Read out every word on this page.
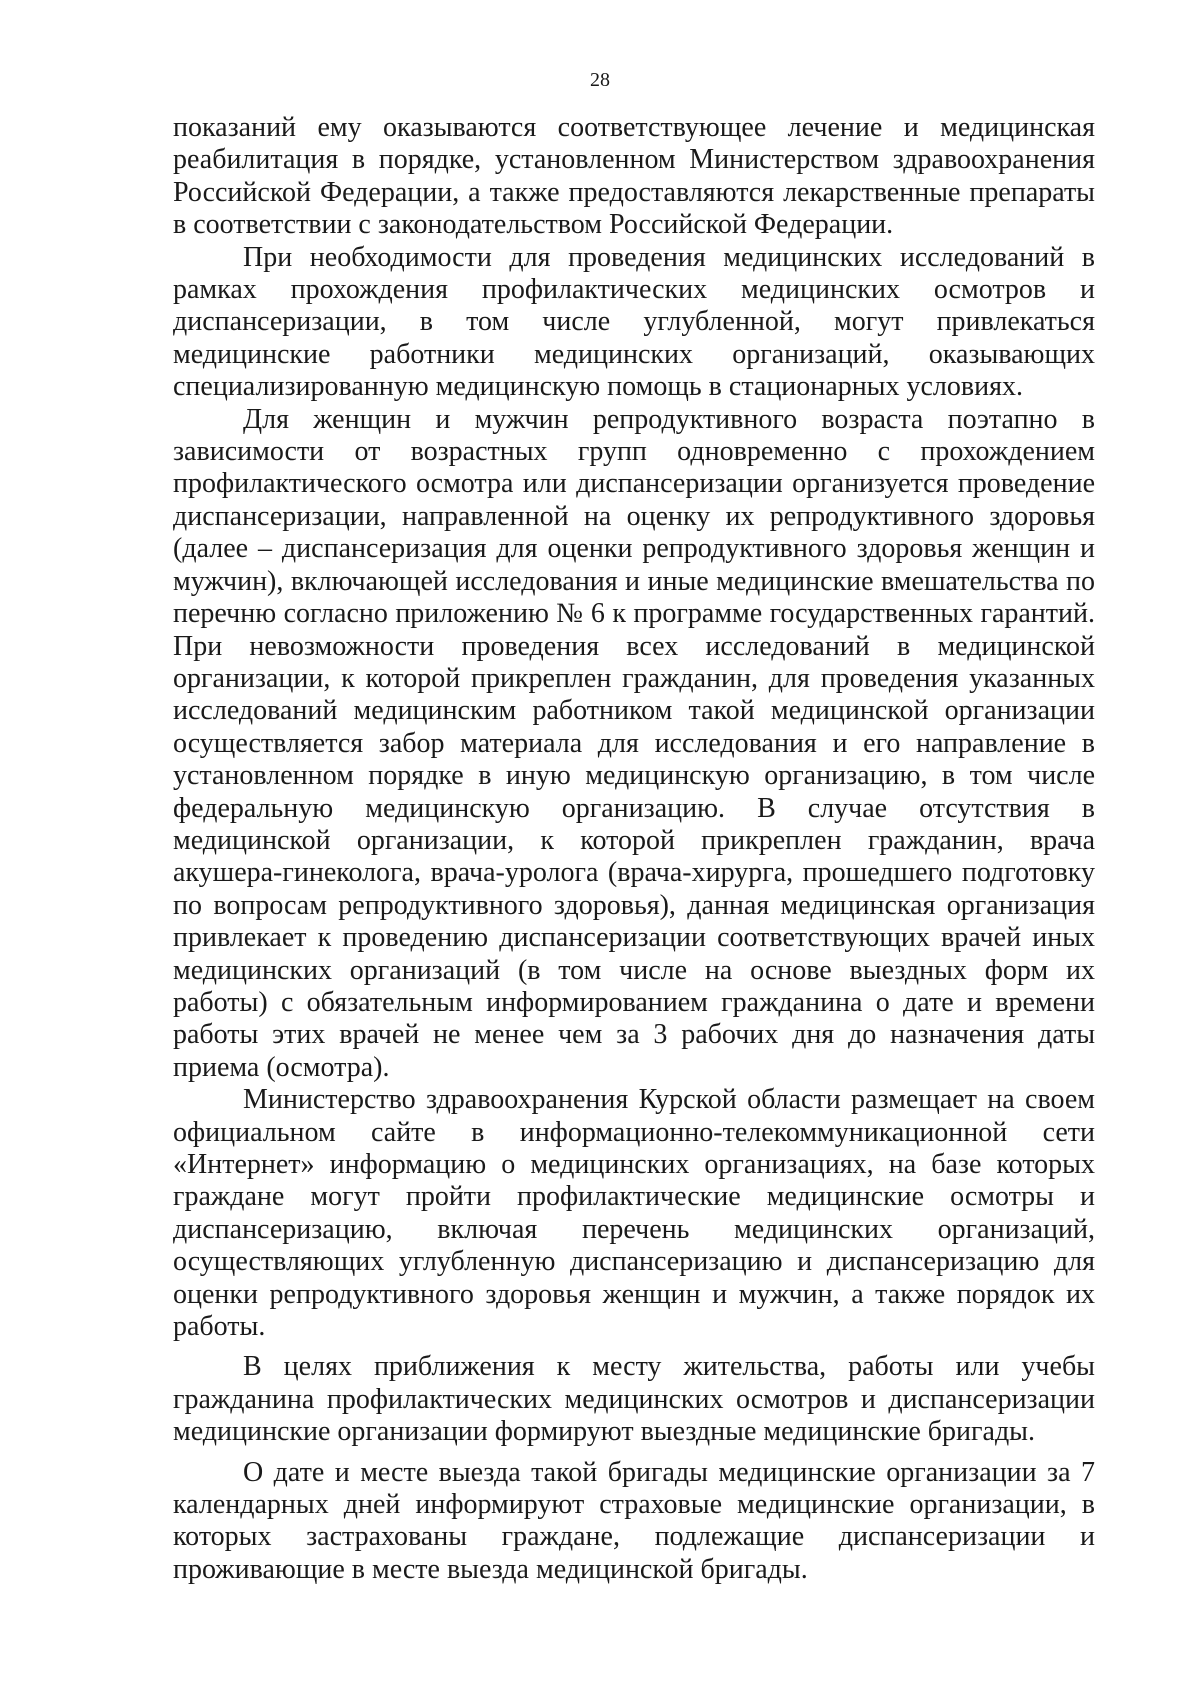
28

показаний ему оказываются соответствующее лечение и медицинская реабилитация в порядке, установленном Министерством здравоохранения Российской Федерации, а также предоставляются лекарственные препараты в соответствии с законодательством Российской Федерации.

При необходимости для проведения медицинских исследований в рамках прохождения профилактических медицинских осмотров и диспансеризации, в том числе углубленной, могут привлекаться медицинские работники медицинских организаций, оказывающих специализированную медицинскую помощь в стационарных условиях.

Для женщин и мужчин репродуктивного возраста поэтапно в зависимости от возрастных групп одновременно с прохождением профилактического осмотра или диспансеризации организуется проведение диспансеризации, направленной на оценку их репродуктивного здоровья (далее – диспансеризация для оценки репродуктивного здоровья женщин и мужчин), включающей исследования и иные медицинские вмешательства по перечню согласно приложению № 6 к программе государственных гарантий. При невозможности проведения всех исследований в медицинской организации, к которой прикреплен гражданин, для проведения указанных исследований медицинским работником такой медицинской организации осуществляется забор материала для исследования и его направление в установленном порядке в иную медицинскую организацию, в том числе федеральную медицинскую организацию. В случае отсутствия в медицинской организации, к которой прикреплен гражданин, врача акушера-гинеколога, врача-уролога (врача-хирурга, прошедшего подготовку по вопросам репродуктивного здоровья), данная медицинская организация привлекает к проведению диспансеризации соответствующих врачей иных медицинских организаций (в том числе на основе выездных форм их работы) с обязательным информированием гражданина о дате и времени работы этих врачей не менее чем за 3 рабочих дня до назначения даты приема (осмотра).

Министерство здравоохранения Курской области размещает на своем официальном сайте в информационно-телекоммуникационной сети «Интернет» информацию о медицинских организациях, на базе которых граждане могут пройти профилактические медицинские осмотры и диспансеризацию, включая перечень медицинских организаций, осуществляющих углубленную диспансеризацию и диспансеризацию для оценки репродуктивного здоровья женщин и мужчин, а также порядок их работы.

В целях приближения к месту жительства, работы или учебы гражданина профилактических медицинских осмотров и диспансеризации медицинские организации формируют выездные медицинские бригады.

О дате и месте выезда такой бригады медицинские организации за 7 календарных дней информируют страховые медицинские организации, в которых застрахованы граждане, подлежащие диспансеризации и проживающие в месте выезда медицинской бригады.
